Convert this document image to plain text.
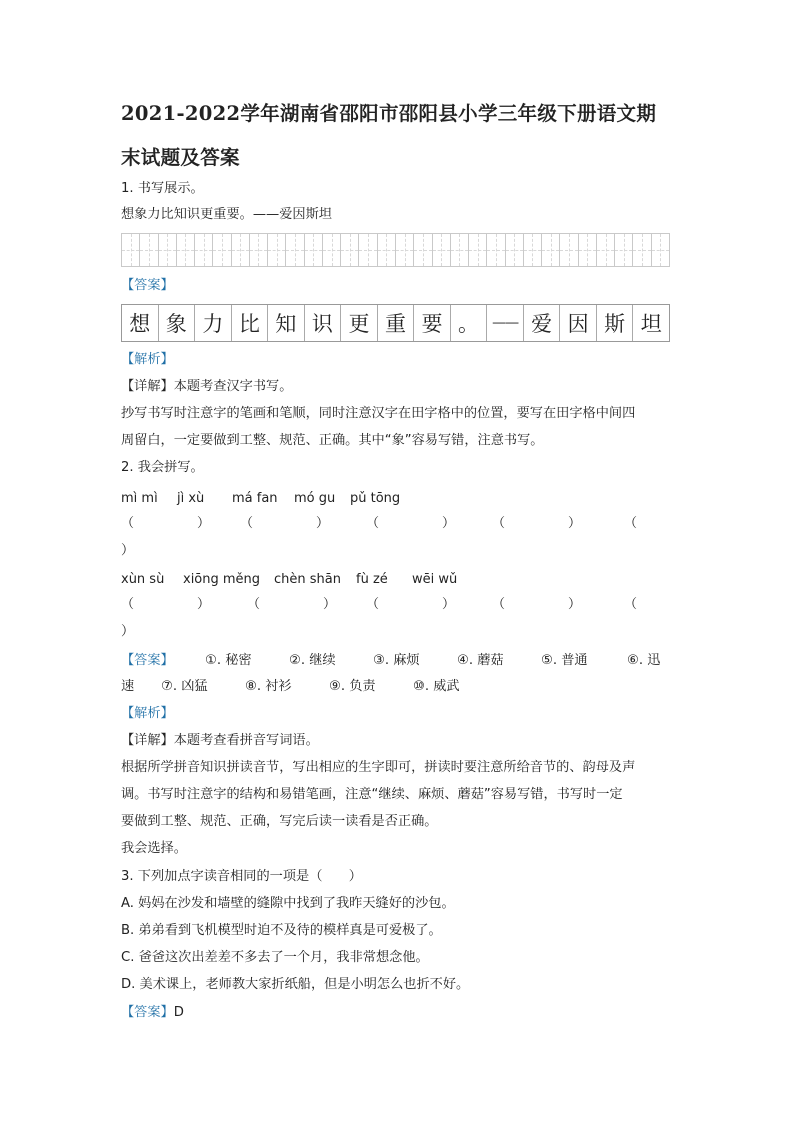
2021-2022学年湖南省邵阳市邵阳县小学三年级下册语文期
末试题及答案
1. 书写展示。
想象力比知识更重要。——爱因斯坦
【答案】
想 象 力 比 知 识 更 重 要 。 —— 爱 因 斯 坦
【解析】
【详解】本题考查汉字书写。
抄写书写时注意字的笔画和笔顺，同时注意汉字在田字格中的位置，要写在田字格中间四
周留白，一定要做到工整、规范、正确。其中“象”容易写错，注意书写。
2. 我会拼写。
mì mì jì xù má fan mó gu pǔ tōng
（	） （	）	（	）	（	）	（
）
xùn sù xiōng měng chèn shān fù zé wēi wǔ
（	）	（	） （	）	（	）	（
）
【答案】 ①. 秘密	②. 继续	③. 麻烦	④. 蘑菇	⑤. 普通	⑥. 迅
速 ⑦. 凶猛	⑧. 衬衫	⑨. 负责	⑩. 威武
【解析】
【详解】本题考查看拼音写词语。
根据所学拼音知识拼读音节，写出相应的生字即可，拼读时要注意所给音节的、韵母及声
调。书写时注意字的结构和易错笔画，注意“继续、麻烦、蘑菇”容易写错，书写时一定
要做到工整、规范、正确，写完后读一读看是否正确。
我会选择。
3. 下列加点字读音相同的一项是（　　）
A. 妈妈在沙发和墙壁的缝隙中找到了我昨天缝好的沙包。
B. 弟弟看到飞机模型时迫不及待的模样真是可爱极了。
C. 爸爸这次出差差不多去了一个月，我非常想念他。
D. 美术课上，老师教大家折纸船，但是小明怎么也折不好。
【答案】D
